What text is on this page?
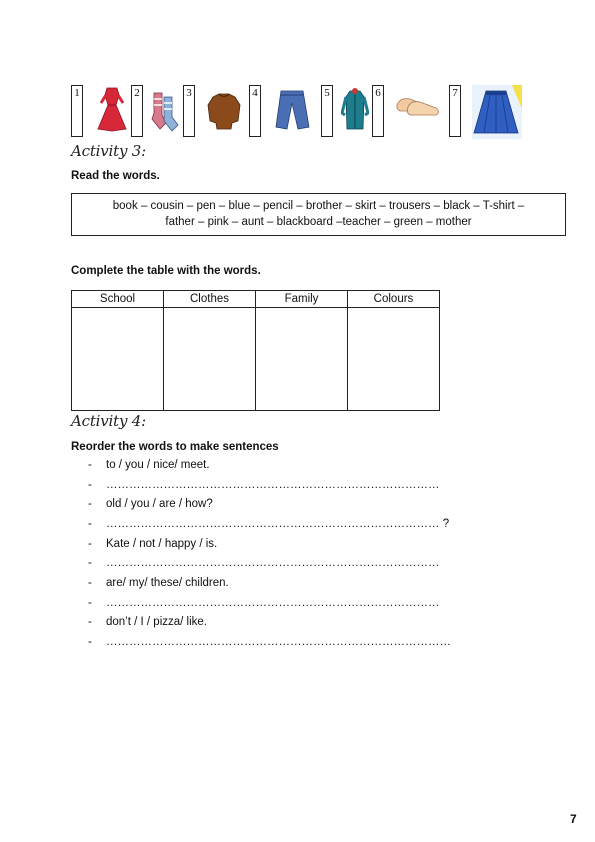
1	2	3	4	5	6	7
Activity 3:
Read the words.
book – cousin – pen – blue – pencil – brother – skirt – trousers – black – T-shirt –
father – pink – aunt – blackboard –teacher – green – mother
Complete the table with the words.
School	Clothes	Family	Colours

Activity 4:
Reorder the words to make sentences
- to / you / nice/ meet.
- ……………………………………………………………………………
- old / you / are / how?
- …………………………………………………………………………… ?
- Kate / not / happy / is.
- ……………………………………………………………………………
- are/ my/ these/ children.
- ……………………………………………………………………………
- don’t / I / pizza/ like.
- ………………………………………………………………………………
7
